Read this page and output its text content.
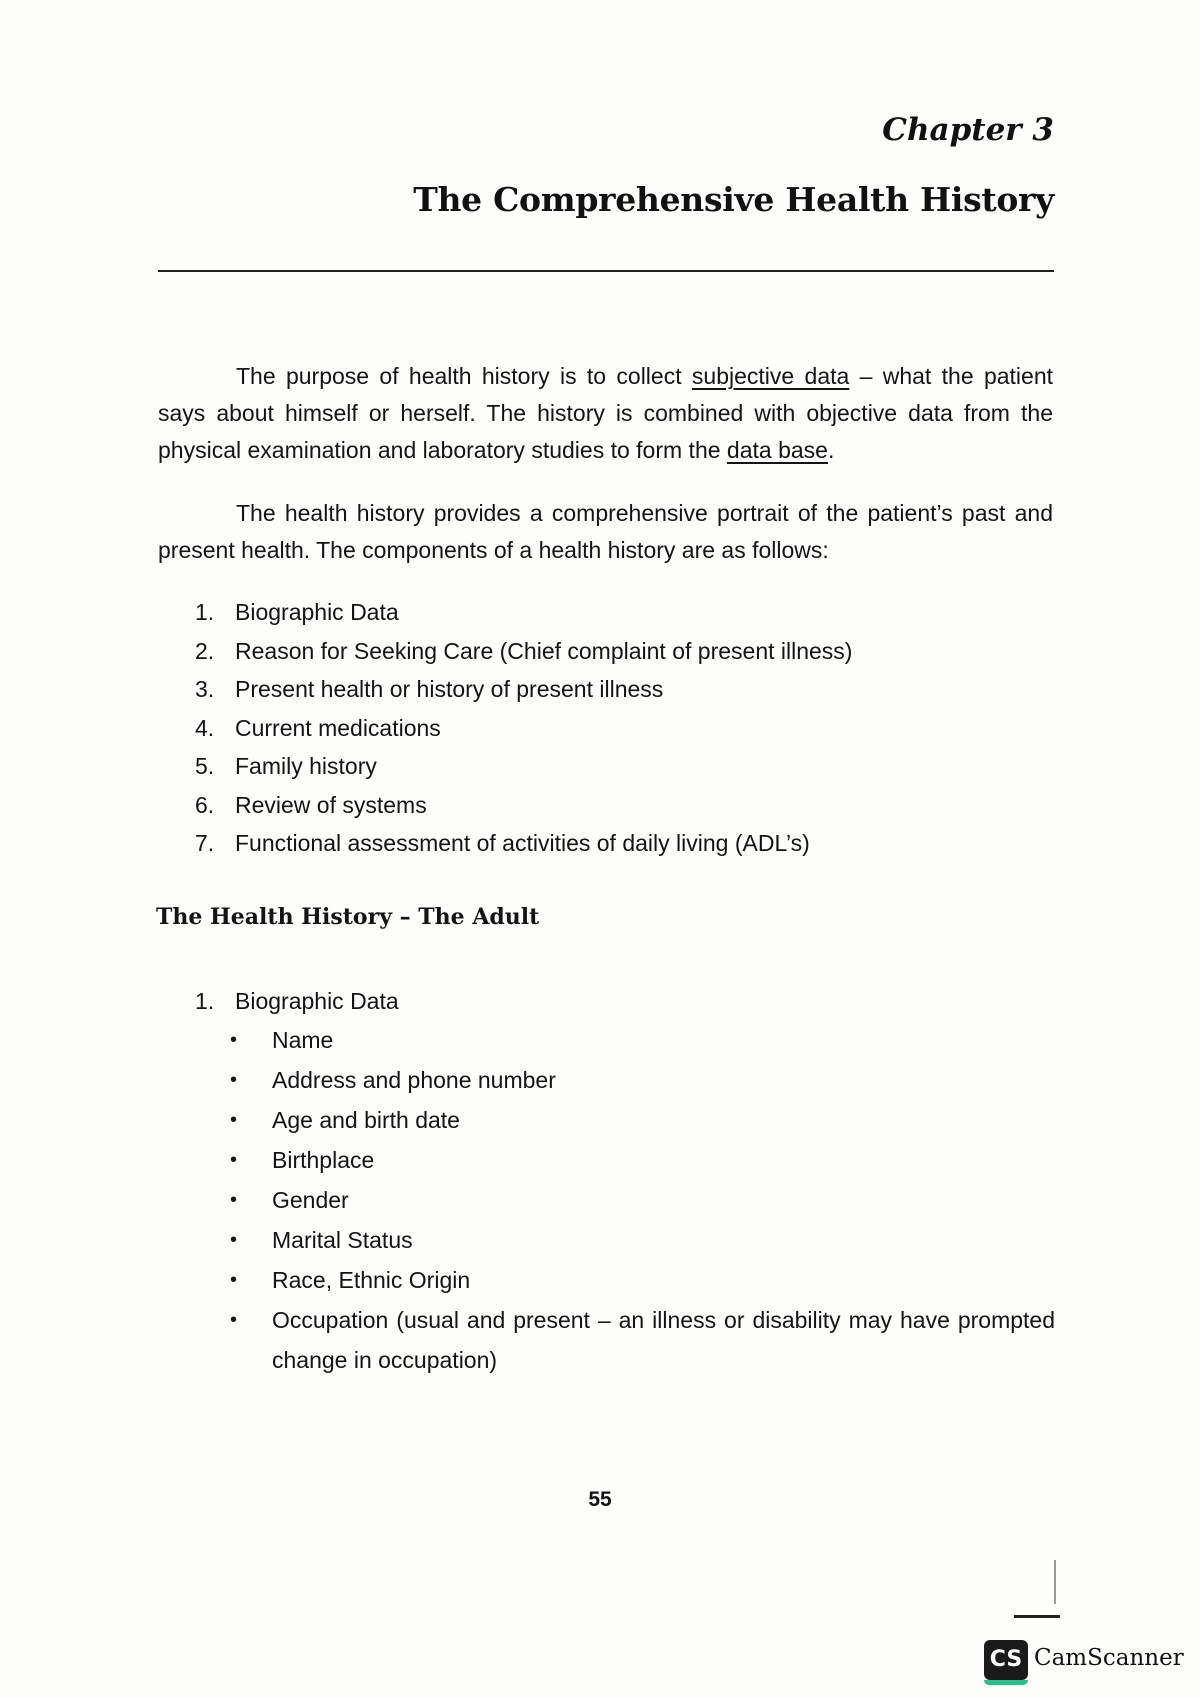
Chapter 3
The Comprehensive Health History

The purpose of health history is to collect subjective data – what the patient says about himself or herself. The history is combined with objective data from the physical examination and laboratory studies to form the data base.

The health history provides a comprehensive portrait of the patient’s past and present health. The components of a health history are as follows:

1. Biographic Data
2. Reason for Seeking Care (Chief complaint of present illness)
3. Present health or history of present illness
4. Current medications
5. Family history
6. Review of systems
7. Functional assessment of activities of daily living (ADL’s)
The Health History – The Adult
1. Biographic Data
•	Name
•	Address and phone number
•	Age and birth date
•	Birthplace
•	Gender
•	Marital Status
•	Race, Ethnic Origin
•	Occupation (usual and present – an illness or disability may have prompted change in occupation)
55
CS CamScanner
